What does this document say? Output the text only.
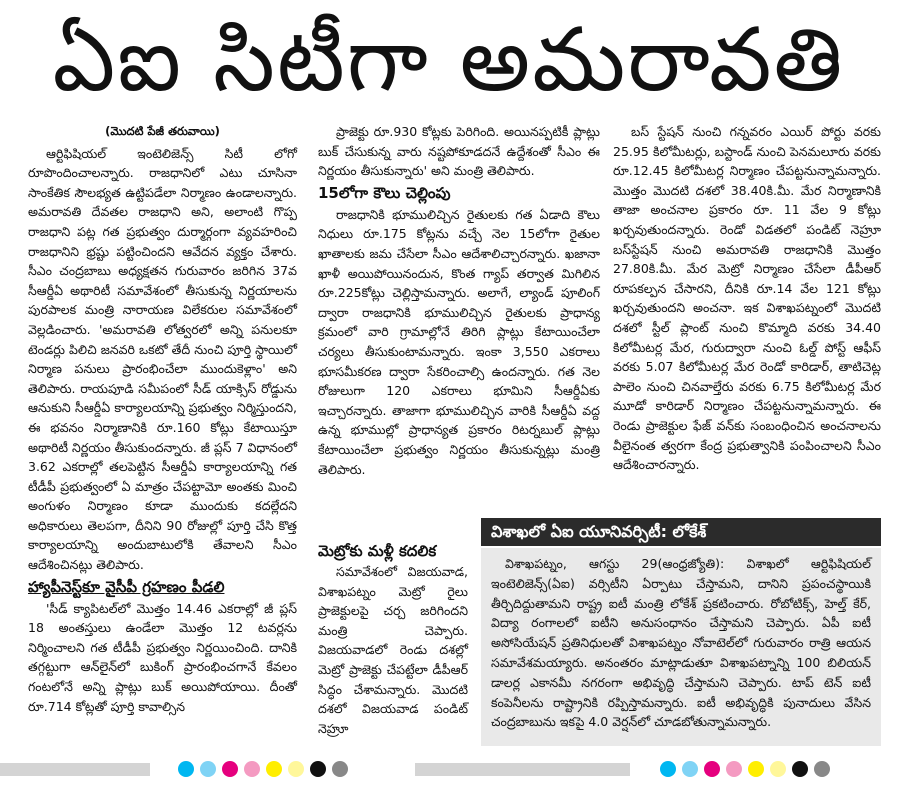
ఏఐ సిటీగా అమరావతి
(మొదటి పేజీ తరువాయి)

ఆర్టిఫిషియల్ ఇంటెలిజెన్స్ సిటీ లోగో రూపొందించాలన్నారు. రాజధానిలో ఎటు చూసినా సాంకేతిక సౌలభ్యత ఉట్టిపడేలా నిర్మాణం ఉండాలన్నారు. అమరావతి దేవతల రాజధాని అని, అలాంటి గొప్ప రాజధాని పట్ల గత ప్రభుత్వం దుర్మార్గంగా వ్యవహరించి రాజధానిని భ్రష్టు పట్టించిందని ఆవేదన వ్యక్తం చేశారు. సీఎం చంద్రబాబు అధ్యక్షతన గురువారం జరిగిన 37వ సీఆర్డీఏ అథారిటీ సమావేశంలో తీసుకున్న నిర్ణయాలను పురపాలక మంత్రి నారాయణ విలేకరుల సమావేశంలో వెల్లడించారు. 'అమరావతి లోత్వరలో అన్ని పనులకూ టెండర్లు పిలిచి జనవరి ఒకటో తేదీ నుంచి పూర్తి స్థాయిలో నిర్మాణ పనులు ప్రారంభించేలా ముందుకెళ్లాం' అని తెలిపారు. రాయపూడి సమీపంలో సీడ్ యాక్సిస్ రోడ్డును ఆనుకుని సీఆర్డీఏ కార్యాలయాన్ని ప్రభుత్వం నిర్మిస్తుందని, ఈ భవనం నిర్మాణానికి రూ.160 కోట్లు కేటాయిస్తూ అథారిటీ నిర్ణయం తీసుకుందన్నారు. జీ ప్లస్ 7 విధానంలో 3.62 ఎకరాల్లో తలపెట్టిన సీఆర్డీఏ కార్యాలయాన్ని గత టీడీపీ ప్రభుత్వంలో ఏ మాత్రం చేపట్టామో అంతకు మించి అంగుళం నిర్మాణం కూడా ముందుకు కదల్లేదని అధికారులు తెలపగా, దీనిని 90 రోజుల్లో పూర్తి చేసి కొత్త కార్యాలయాన్ని అందుబాటులోకి తేవాలని సీఎం ఆదేశించినట్లు తెలిపారు.

హ్యాపీనెస్ట్‌కూ వైసీపీ గ్రహణం పీడలి

'సీడ్ క్యాపిటల్‌లో మొత్తం 14.46 ఎకరాల్లో జీ ప్లస్ 18 అంతస్తులు ఉండేలా మొత్తం 12 టవర్లను నిర్మించాలని గత టీడీపీ ప్రభుత్వం నిర్ణయించింది. దానికి తగ్గట్టుగా ఆన్‌లైన్‌లో బుకింగ్ ప్రారంభించగానే కేవలం గంటలోనే అన్ని ప్లాట్లు బుక్ అయిపోయాయి. దీంతో రూ.714 కోట్లతో పూర్తి కావాల్సిన

ప్రాజెక్టు రూ.930 కోట్లకు పెరిగింది. అయినప్పటికీ ప్లాట్లు బుక్ చేసుకున్న వారు నష్టపోకూడదనే ఉద్దేశంతో సీఎం ఈ నిర్ణయం తీసుకున్నారు' అని మంత్రి తెలిపారు.

15లోగా కౌలు చెల్లింపు

రాజధానికి భూములిచ్చిన రైతులకు గత ఏడాది కౌలు నిధులు రూ.175 కోట్లను వచ్చే నెల 15లోగా రైతుల ఖాతాలకు జమ చేసేలా సీఎం ఆదేశాలిచ్చారన్నారు. ఖజానా ఖాళీ అయిపోయినందున, కొంత గ్యాప్ తర్వాత మిగిలిన రూ.225కోట్లు చెల్లిస్తామన్నారు. అలాగే, ల్యాండ్ పూలింగ్ ద్వారా రాజధానికి భూములిచ్చిన రైతులకు ప్రాధాన్య క్రమంలో వారి గ్రామాల్లోనే తిరిగి ప్లాట్లు కేటాయించేలా చర్యలు తీసుకుంటామన్నారు. ఇంకా 3,550 ఎకరాలు భూసమీకరణ ద్వారా సేకరించాల్సి ఉందన్నారు. గత నెల రోజులుగా 120 ఎకరాలు భూమిని సీఆర్డీఏకు ఇచ్చారన్నారు. తాజాగా భూములిచ్చిన వారికి సీఆర్డీఏ వద్ద ఉన్న భూముల్లో ప్రాధాన్యత ప్రకారం రిటర్నబుల్ ప్లాట్లు కేటాయించేలా ప్రభుత్వం నిర్ణయం తీసుకున్నట్లు మంత్రి తెలిపారు.

మెట్రోకు మళ్లీ కదలిక

సమావేశంలో విజయవాడ, విశాఖపట్నం మెట్రో రైలు ప్రాజెక్టులపై చర్చ జరిగిందని మంత్రి చెప్పారు. విజయవాడలో రెండు దశల్లో మెట్రో ప్రాజెక్టు చేపట్టేలా డీపీఆర్ సిద్ధం చేశామన్నారు. మొదటి దశలో విజయవాడ పండిట్ నెహ్రూ

బస్ స్టేషన్ నుంచి గన్నవరం ఎయిర్ పోర్టు వరకు 25.95 కిలోమీటర్లు, బస్టాండ్ నుంచి పెనమలూరు వరకు రూ.12.45 కిలోమీటర్ల నిర్మాణం చేపట్టనున్నామన్నారు. మొత్తం మొదటి దశలో 38.40కి.మీ. మేర నిర్మాణానికి తాజా అంచనాల ప్రకారం రూ. 11 వేల 9 కోట్లు ఖర్చవుతుందన్నారు. రెండో విడతలో పండిట్ నెహ్రూ బస్‌స్టేషన్ నుంచి అమరావతి రాజధానికి మొత్తం 27.80కి.మీ. మేర మెట్రో నిర్మాణం చేసేలా డీపీఆర్ రూపకల్పన చేసారని, దీనికి రూ.14 వేల 121 కోట్లు ఖర్చవుతుందని అంచనా. ఇక విశాఖపట్నంలో మొదటి దశలో స్టీల్ ప్లాంట్ నుంచి కొమ్మాది వరకు 34.40 కిలోమీటర్ల మేర, గురుద్వారా నుంచి ఓల్డ్ పోస్ట్ ఆఫీస్ వరకు 5.07 కిలోమీటర్ల మేర రెండో కారిడార్, తాటిచెట్ల పాలెం నుంచి చినవాల్తేరు వరకు 6.75 కిలోమీటర్ల మేర మూడో కారిడార్ నిర్మాణం చేపట్టనున్నామన్నారు. ఈ రెండు ప్రాజెక్టుల ఫేజ్ వన్‌కు సంబంధించిన అంచనాలను వీలైనంత త్వరగా కేంద్ర ప్రభుత్వానికి పంపించాలని సీఎం ఆదేశించారన్నారు.

విశాఖలో ఏఐ యూనివర్సిటీ: లోకేశ్

విశాఖపట్నం, ఆగస్టు 29(ఆంధ్రజ్యోతి): విశాఖలో ఆర్టిఫిషియల్ ఇంటెలిజెన్స్(ఏఐ) వర్సిటీని ఏర్పాటు చేస్తామని, దానిని ప్రపంచస్థాయికి తీర్చిదిద్దుతామని రాష్ట్ర ఐటీ మంత్రి లోకేశ్ ప్రకటించారు. రోబోటిక్స్, హెల్త్ కేర్, విద్యా రంగాలలో ఐటీని అనుసంధానం చేస్తామని చెప్పారు. ఏపీ ఐటీ అసోసియేషన్ ప్రతినిధులతో విశాఖపట్నం నోవాటెల్‌లో గురువారం రాత్రి ఆయన సమావేశమయ్యారు. అనంతరం మాట్లాడుతూ విశాఖపట్నాన్ని 100 బిలియన్ డాలర్ల ఎకానమీ నగరంగా అభివృద్ధి చేస్తామని చెప్పారు. టాప్ టెన్ ఐటీ కంపెనీలను రాష్ట్రానికి రప్పిస్తామన్నారు. ఐటీ అభివృద్ధికి పునాదులు వేసిన చంద్రబాబును ఇకపై 4.0 వెర్షన్‌లో చూడబోతున్నామన్నారు.
